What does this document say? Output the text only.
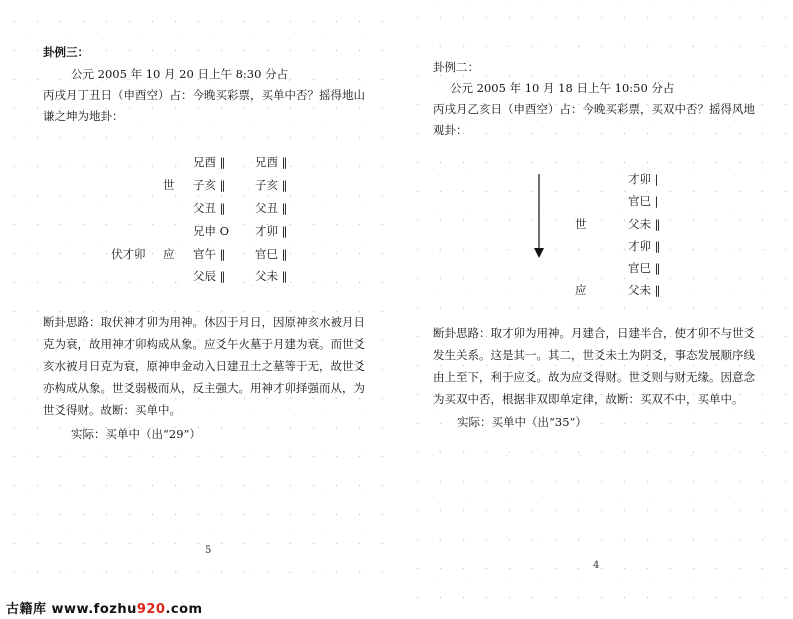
卦例三：
公元 2005 年 10 月 20 日上午 8:30 分占
丙戌月丁丑日（申酉空）占：今晚买彩票，买单中否？摇得地山
谦之坤为地卦：
兄酉 ‖	兄酉 ‖
世 子亥 ‖	子亥 ‖
父丑 ‖	父丑 ‖
兄申 O 才卯 ‖
伏才卯 应 官午 ‖	官巳 ‖
父辰 ‖	父未 ‖
断卦思路：取伏神才卯为用神。休囚于月日，因原神亥水被月日
克为衰，故用神才卯构成从象。应爻午火墓于月建为衰。而世爻
亥水被月日克为衰，原神申金动入日建丑土之墓等于无，故世爻
亦构成从象。世爻弱极而从，反主强大。用神才卯择强而从，为
世爻得财。故断：买单中。
实际：买单中（出“29”）
5
卦例二：
公元 2005 年 10 月 18 日上午 10:50 分占
丙戌月乙亥日（申酉空）占：今晚买彩票，买双中否？摇得风地
观卦：
才卯 |
官巳 |
世	父未 ‖
才卯 ‖
官巳 ‖
应	父未 ‖
断卦思路：取才卯为用神。月建合，日建半合，使才卯不与世爻
发生关系。这是其一。其二，世爻未土为阴爻，事态发展顺序线
由上至下，利于应爻。故为应爻得财。世爻则与财无缘。因意念
为买双中否，根据非双即单定律，故断：买双不中，买单中。
实际：买单中（出“35”）
4
古籍库 www.fozhu920.com
